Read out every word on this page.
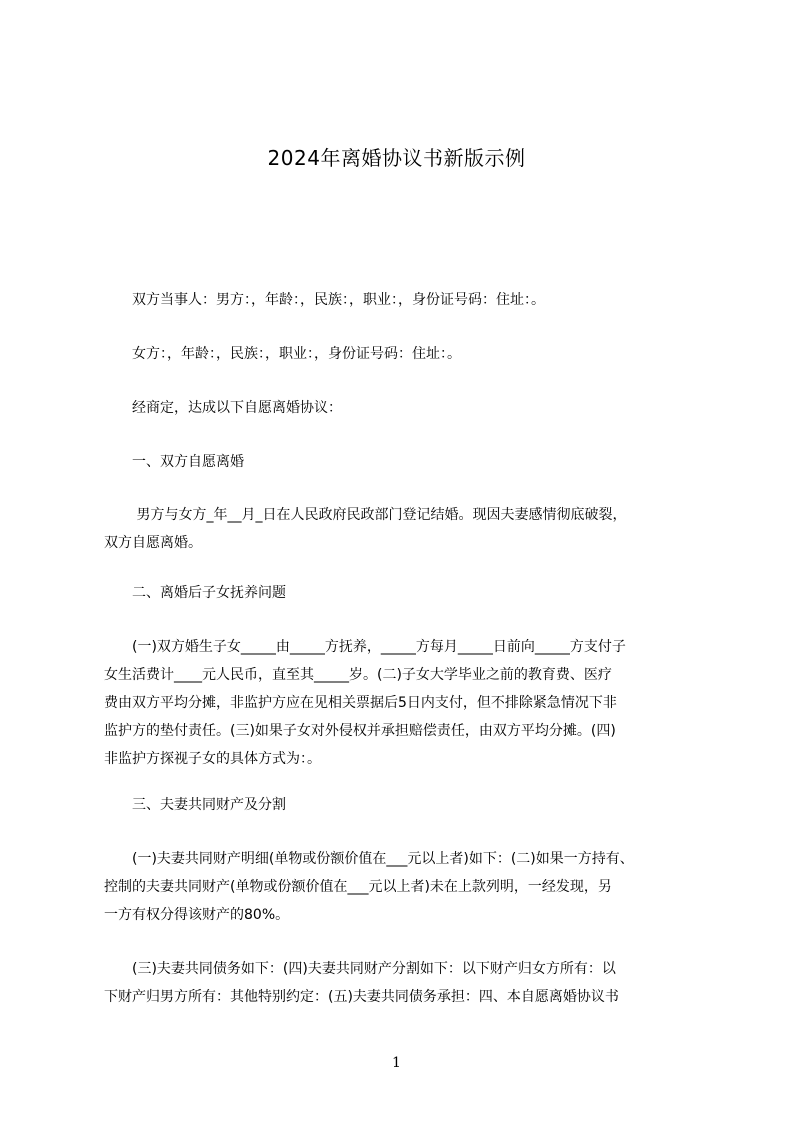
2024年离婚协议书新版示例
　　双方当事人：男方：，年龄：，民族：，职业：，身份证号码：住址：。
　　女方：，年龄：，民族：，职业：，身份证号码：住址：。
　　经商定，达成以下自愿离婚协议：
　　一、双方自愿离婚
　　 男方与女方_年__月_日在人民政府民政部门登记结婚。现因夫妻感情彻底破裂，
双方自愿离婚。
　　二、离婚后子女抚养问题
　　(一)双方婚生子女_____由_____方抚养，_____方每月_____日前向_____方支付子
女生活费计____元人民币，直至其_____岁。(二)子女大学毕业之前的教育费、医疗
费由双方平均分摊，非监护方应在见相关票据后5日内支付，但不排除紧急情况下非
监护方的垫付责任。(三)如果子女对外侵权并承担赔偿责任，由双方平均分摊。(四)
非监护方探视子女的具体方式为：。
　　三、夫妻共同财产及分割
　　(一)夫妻共同财产明细(单物或份额价值在___元以上者)如下：(二)如果一方持有、
控制的夫妻共同财产(单物或份额价值在___元以上者)未在上款列明，一经发现，另
一方有权分得该财产的80%。
　　(三)夫妻共同债务如下：(四)夫妻共同财产分割如下：以下财产归女方所有：以
下财产归男方所有：其他特别约定：(五)夫妻共同债务承担：四、本自愿离婚协议书
1
